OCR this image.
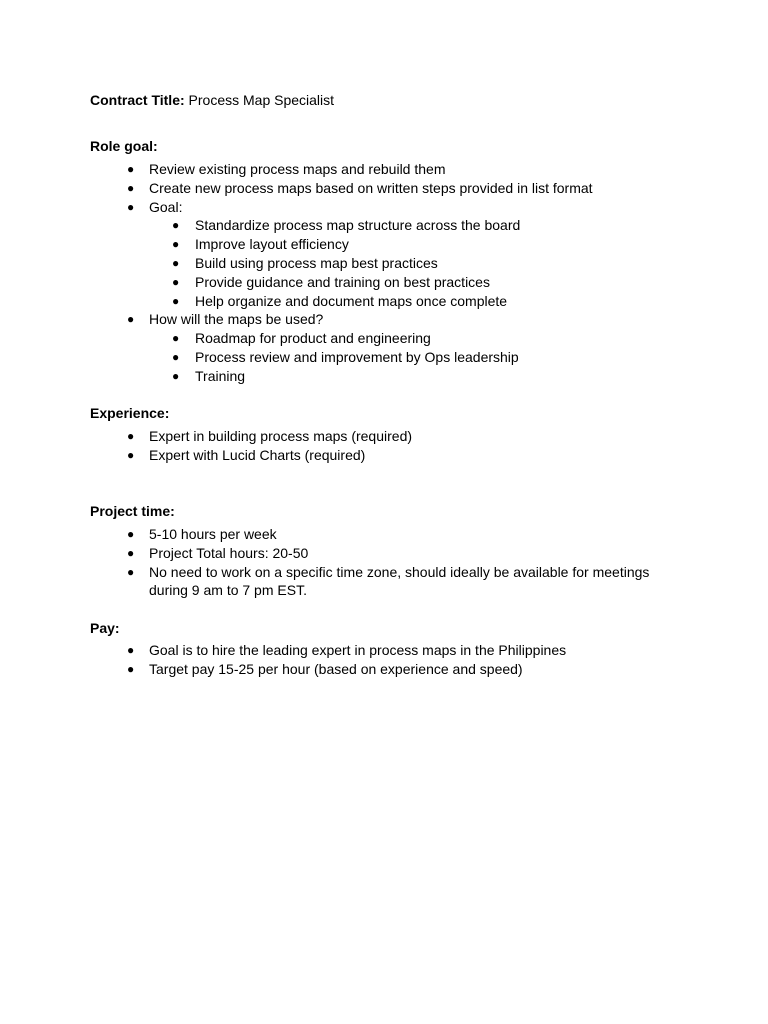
Contract Title: Process Map Specialist
Role goal:
● Review existing process maps and rebuild them
● Create new process maps based on written steps provided in list format
● Goal:
● Standardize process map structure across the board
● Improve layout efficiency
● Build using process map best practices
● Provide guidance and training on best practices
● Help organize and document maps once complete
● How will the maps be used?
● Roadmap for product and engineering
● Process review and improvement by Ops leadership
● Training
Experience:
● Expert in building process maps (required)
● Expert with Lucid Charts (required)
Project time:
● 5-10 hours per week
● Project Total hours: 20-50
● No need to work on a specific time zone, should ideally be available for meetings during 9 am to 7 pm EST.
Pay:
● Goal is to hire the leading expert in process maps in the Philippines
● Target pay 15-25 per hour (based on experience and speed)
